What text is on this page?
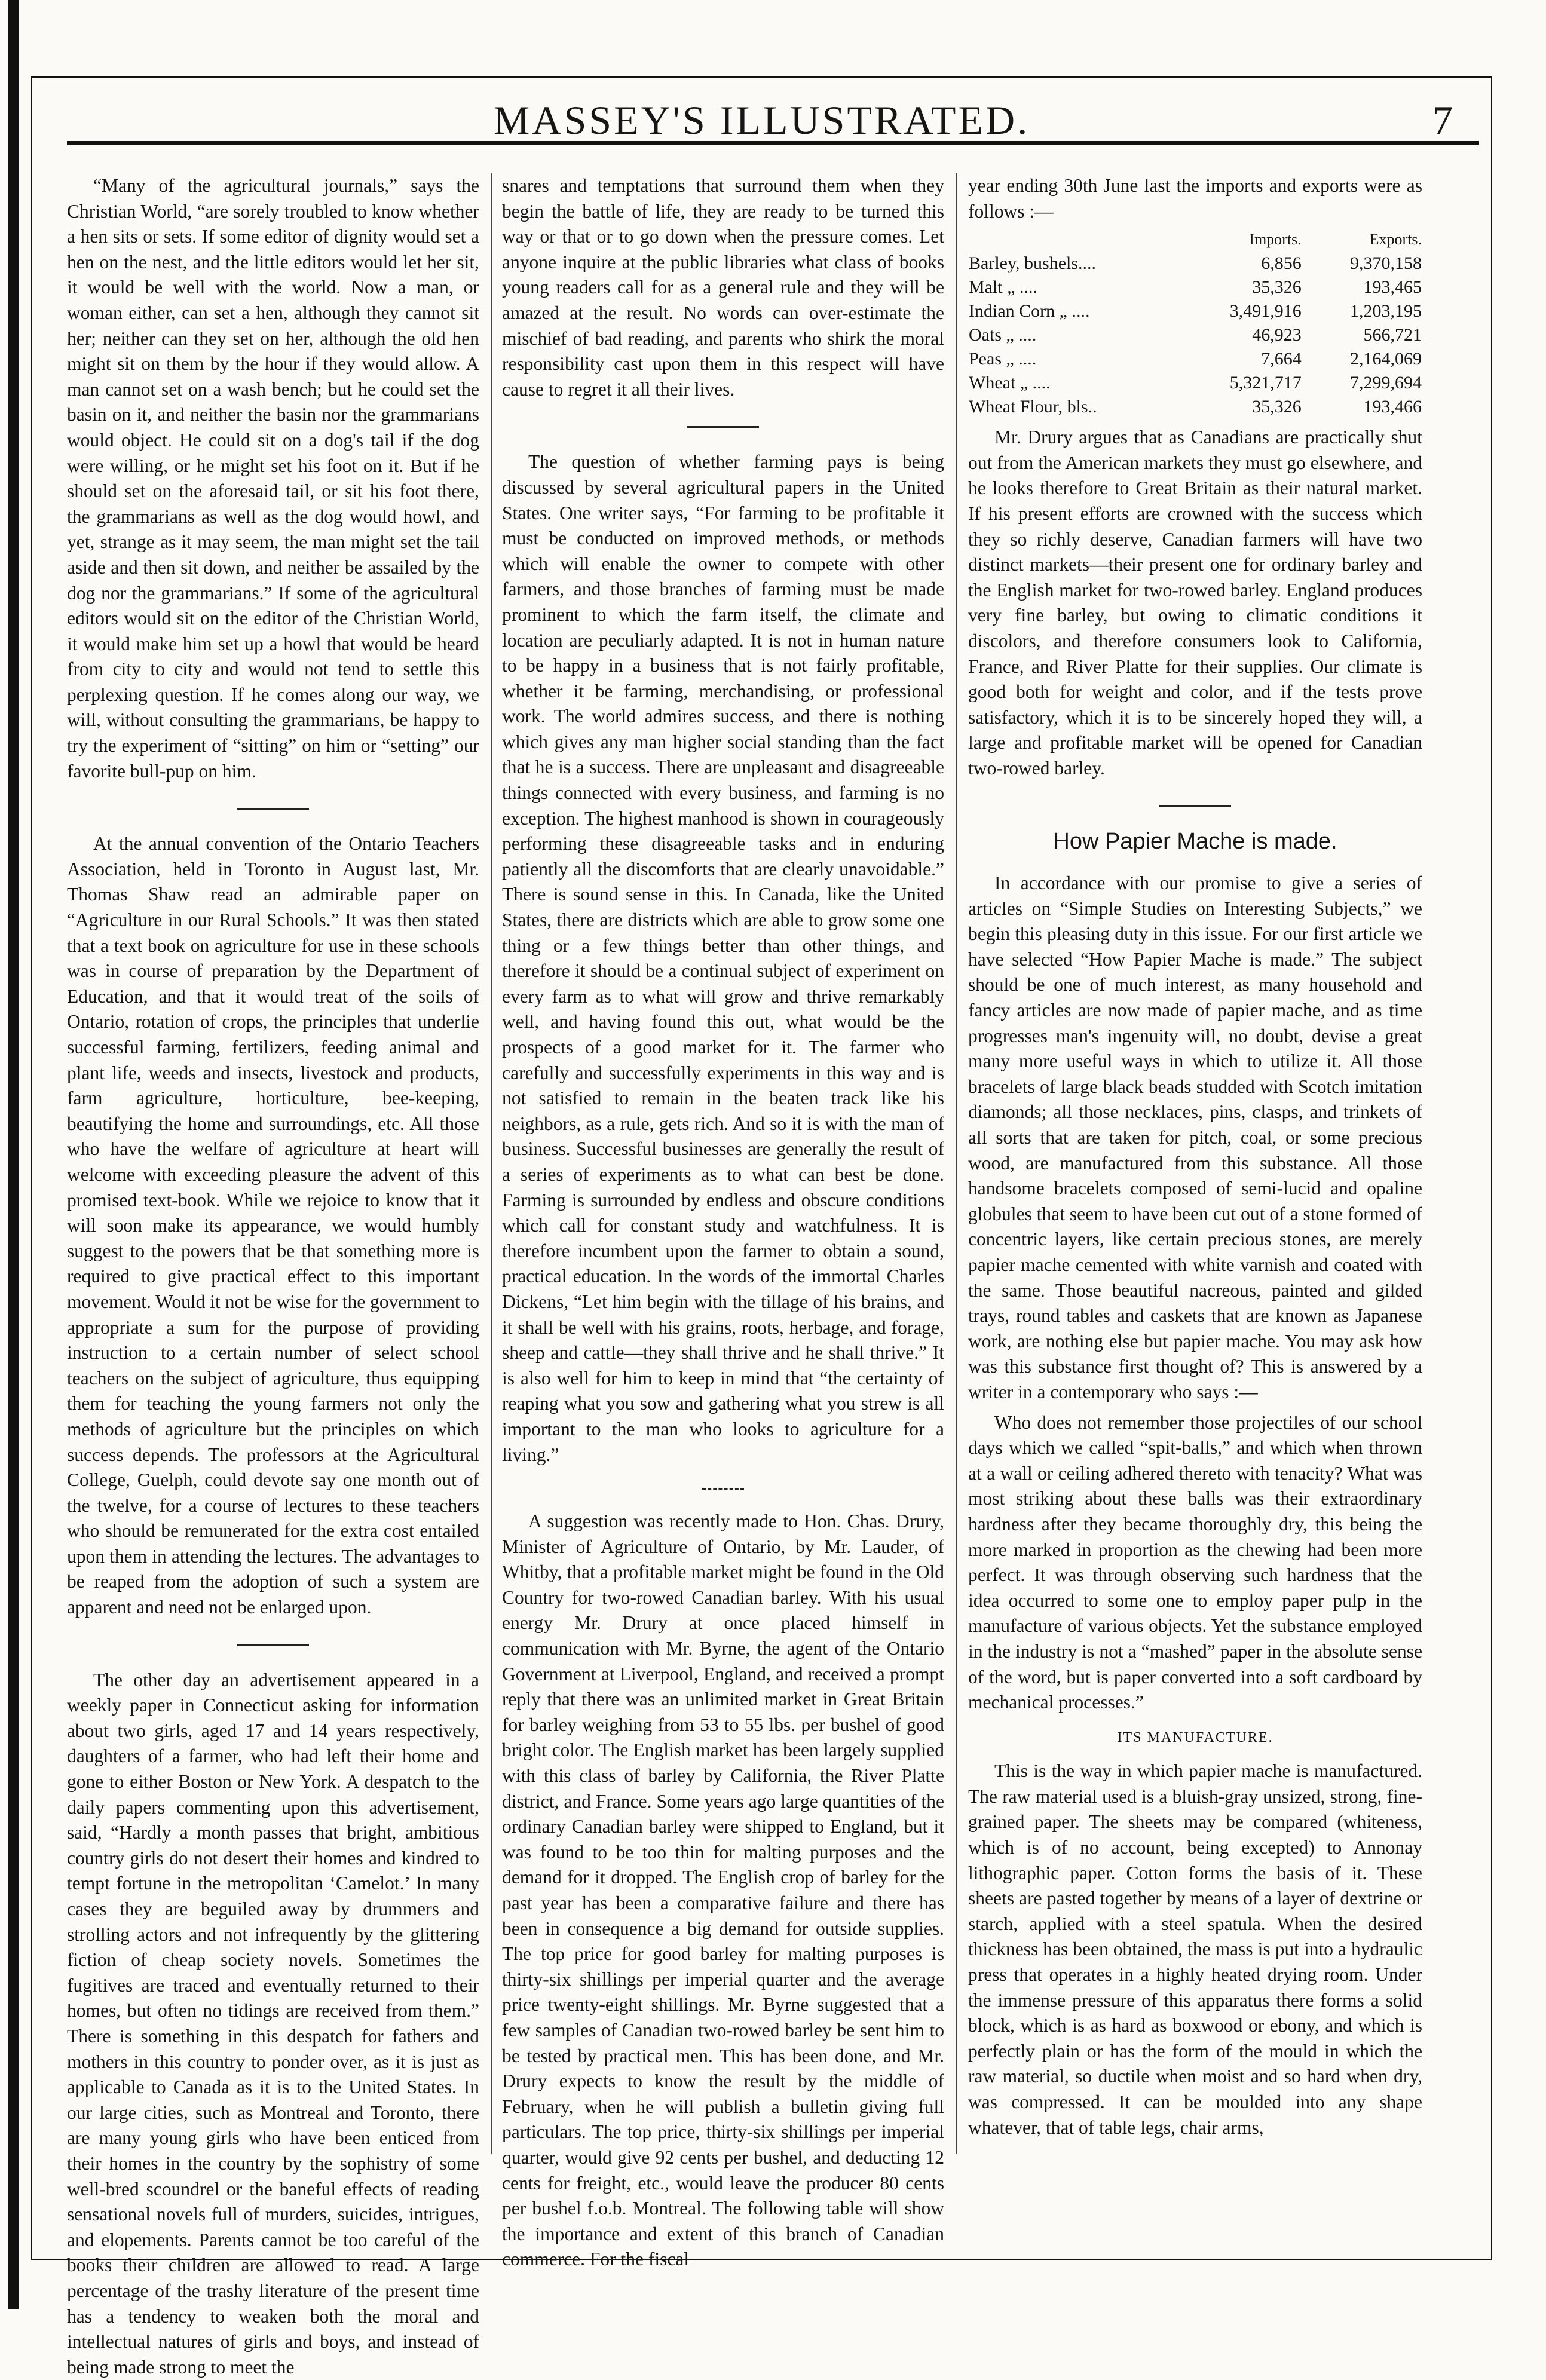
MASSEY'S ILLUSTRATED.	7

“Many of the agricultural journals,” says the Christian World, “are sorely troubled to know whether a hen sits or sets. If some editor of dignity would set a hen on the nest, and the little editors would let her sit, it would be well with the world. Now a man, or woman either, can set a hen, although they cannot sit her; neither can they set on her, although the old hen might sit on them by the hour if they would allow. A man cannot set on a wash bench; but he could set the basin on it, and neither the basin nor the grammarians would object. He could sit on a dog's tail if the dog were willing, or he might set his foot on it. But if he should set on the aforesaid tail, or sit his foot there, the grammarians as well as the dog would howl, and yet, strange as it may seem, the man might set the tail aside and then sit down, and neither be assailed by the dog nor the grammarians.” If some of the agricultural editors would sit on the editor of the Christian World, it would make him set up a howl that would be heard from city to city and would not tend to settle this perplexing question. If he comes along our way, we will, without consulting the grammarians, be happy to try the experiment of “sitting” on him or “setting” our favorite bull-pup on him.

At the annual convention of the Ontario Teachers Association, held in Toronto in August last, Mr. Thomas Shaw read an admirable paper on “Agriculture in our Rural Schools.” It was then stated that a text book on agriculture for use in these schools was in course of preparation by the Department of Education, and that it would treat of the soils of Ontario, rotation of crops, the principles that underlie successful farming, fertilizers, feeding animal and plant life, weeds and insects, livestock and products, farm agriculture, horticulture, bee-keeping, beautifying the home and surroundings, etc. All those who have the welfare of agriculture at heart will welcome with exceeding pleasure the advent of this promised text-book. While we rejoice to know that it will soon make its appearance, we would humbly suggest to the powers that be that something more is required to give practical effect to this important movement. Would it not be wise for the government to appropriate a sum for the purpose of providing instruction to a certain number of select school teachers on the subject of agriculture, thus equipping them for teaching the young farmers not only the methods of agriculture but the principles on which success depends. The professors at the Agricultural College, Guelph, could devote say one month out of the twelve, for a course of lectures to these teachers who should be remunerated for the extra cost entailed upon them in attending the lectures. The advantages to be reaped from the adoption of such a system are apparent and need not be enlarged upon.

The other day an advertisement appeared in a weekly paper in Connecticut asking for information about two girls, aged 17 and 14 years respectively, daughters of a farmer, who had left their home and gone to either Boston or New York. A despatch to the daily papers commenting upon this advertisement, said, “Hardly a month passes that bright, ambitious country girls do not desert their homes and kindred to tempt fortune in the metropolitan ‘Camelot.’ In many cases they are beguiled away by drummers and strolling actors and not infrequently by the glittering fiction of cheap society novels. Sometimes the fugitives are traced and eventually returned to their homes, but often no tidings are received from them.” There is something in this despatch for fathers and mothers in this country to ponder over, as it is just as applicable to Canada as it is to the United States. In our large cities, such as Montreal and Toronto, there are many young girls who have been enticed from their homes in the country by the sophistry of some well-bred scoundrel or the baneful effects of reading sensational novels full of murders, suicides, intrigues, and elopements. Parents cannot be too careful of the books their children are allowed to read. A large percentage of the trashy literature of the present time has a tendency to weaken both the moral and intellectual natures of girls and boys, and instead of being made strong to meet the

snares and temptations that surround them when they begin the battle of life, they are ready to be turned this way or that or to go down when the pressure comes. Let anyone inquire at the public libraries what class of books young readers call for as a general rule and they will be amazed at the result. No words can over-estimate the mischief of bad reading, and parents who shirk the moral responsibility cast upon them in this respect will have cause to regret it all their lives.

The question of whether farming pays is being discussed by several agricultural papers in the United States. One writer says, “For farming to be profitable it must be conducted on improved methods, or methods which will enable the owner to compete with other farmers, and those branches of farming must be made prominent to which the farm itself, the climate and location are peculiarly adapted. It is not in human nature to be happy in a business that is not fairly profitable, whether it be farming, merchandising, or professional work. The world admires success, and there is nothing which gives any man higher social standing than the fact that he is a success. There are unpleasant and disagreeable things connected with every business, and farming is no exception. The highest manhood is shown in courageously performing these disagreeable tasks and in enduring patiently all the discomforts that are clearly unavoidable.” There is sound sense in this. In Canada, like the United States, there are districts which are able to grow some one thing or a few things better than other things, and therefore it should be a continual subject of experiment on every farm as to what will grow and thrive remarkably well, and having found this out, what would be the prospects of a good market for it. The farmer who carefully and successfully experiments in this way and is not satisfied to remain in the beaten track like his neighbors, as a rule, gets rich. And so it is with the man of business. Successful businesses are generally the result of a series of experiments as to what can best be done. Farming is surrounded by endless and obscure conditions which call for constant study and watchfulness. It is therefore incumbent upon the farmer to obtain a sound, practical education. In the words of the immortal Charles Dickens, “Let him begin with the tillage of his brains, and it shall be well with his grains, roots, herbage, and forage, sheep and cattle—they shall thrive and he shall thrive.” It is also well for him to keep in mind that “the certainty of reaping what you sow and gathering what you strew is all important to the man who looks to agriculture for a living.”

A suggestion was recently made to Hon. Chas. Drury, Minister of Agriculture of Ontario, by Mr. Lauder, of Whitby, that a profitable market might be found in the Old Country for two-rowed Canadian barley. With his usual energy Mr. Drury at once placed himself in communication with Mr. Byrne, the agent of the Ontario Government at Liverpool, England, and received a prompt reply that there was an unlimited market in Great Britain for barley weighing from 53 to 55 lbs. per bushel of good bright color. The English market has been largely supplied with this class of barley by California, the River Platte district, and France. Some years ago large quantities of the ordinary Canadian barley were shipped to England, but it was found to be too thin for malting purposes and the demand for it dropped. The English crop of barley for the past year has been a comparative failure and there has been in consequence a big demand for outside supplies. The top price for good barley for malting purposes is thirty-six shillings per imperial quarter and the average price twenty-eight shillings. Mr. Byrne suggested that a few samples of Canadian two-rowed barley be sent him to be tested by practical men. This has been done, and Mr. Drury expects to know the result by the middle of February, when he will publish a bulletin giving full particulars. The top price, thirty-six shillings per imperial quarter, would give 92 cents per bushel, and deducting 12 cents for freight, etc., would leave the producer 80 cents per bushel f.o.b. Montreal. The following table will show the importance and extent of this branch of Canadian commerce. For the fiscal

year ending 30th June last the imports and exports were as follows :—

	Imports.	Exports.
Barley, bushels....	6,856	9,370,158
Malt „ ....	35,326	193,465
Indian Corn „ ....	3,491,916	1,203,195
Oats „ ....	46,923	566,721
Peas „ ....	7,664	2,164,069
Wheat „ ....	5,321,717	7,299,694
Wheat Flour, bls..	35,326	193,466

Mr. Drury argues that as Canadians are practically shut out from the American markets they must go elsewhere, and he looks therefore to Great Britain as their natural market. If his present efforts are crowned with the success which they so richly deserve, Canadian farmers will have two distinct markets—their present one for ordinary barley and the English market for two-rowed barley. England produces very fine barley, but owing to climatic conditions it discolors, and therefore consumers look to California, France, and River Platte for their supplies. Our climate is good both for weight and color, and if the tests prove satisfactory, which it is to be sincerely hoped they will, a large and profitable market will be opened for Canadian two-rowed barley.

How Papier Mache is made.

In accordance with our promise to give a series of articles on “Simple Studies on Interesting Subjects,” we begin this pleasing duty in this issue. For our first article we have selected “How Papier Mache is made.” The subject should be one of much interest, as many household and fancy articles are now made of papier mache, and as time progresses man's ingenuity will, no doubt, devise a great many more useful ways in which to utilize it. All those bracelets of large black beads studded with Scotch imitation diamonds; all those necklaces, pins, clasps, and trinkets of all sorts that are taken for pitch, coal, or some precious wood, are manufactured from this substance. All those handsome bracelets composed of semi-lucid and opaline globules that seem to have been cut out of a stone formed of concentric layers, like certain precious stones, are merely papier mache cemented with white varnish and coated with the same. Those beautiful nacreous, painted and gilded trays, round tables and caskets that are known as Japanese work, are nothing else but papier mache. You may ask how was this substance first thought of? This is answered by a writer in a contemporary who says :—

Who does not remember those projectiles of our school days which we called “spit-balls,” and which when thrown at a wall or ceiling adhered thereto with tenacity? What was most striking about these balls was their extraordinary hardness after they became thoroughly dry, this being the more marked in proportion as the chewing had been more perfect. It was through observing such hardness that the idea occurred to some one to employ paper pulp in the manufacture of various objects. Yet the substance employed in the industry is not a “mashed” paper in the absolute sense of the word, but is paper converted into a soft cardboard by mechanical processes.”

ITS MANUFACTURE.

This is the way in which papier mache is manufactured. The raw material used is a bluish-gray unsized, strong, fine-grained paper. The sheets may be compared (whiteness, which is of no account, being excepted) to Annonay lithographic paper. Cotton forms the basis of it. These sheets are pasted together by means of a layer of dextrine or starch, applied with a steel spatula. When the desired thickness has been obtained, the mass is put into a hydraulic press that operates in a highly heated drying room. Under the immense pressure of this apparatus there forms a solid block, which is as hard as boxwood or ebony, and which is perfectly plain or has the form of the mould in which the raw material, so ductile when moist and so hard when dry, was compressed. It can be moulded into any shape whatever, that of table legs, chair arms,
